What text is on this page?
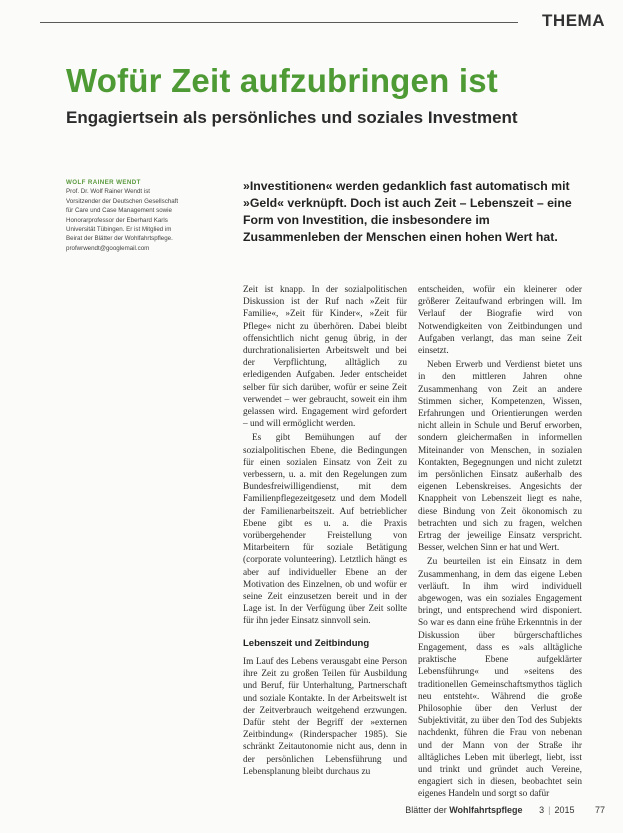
THEMA
Wofür Zeit aufzubringen ist
Engagiertsein als persönliches und soziales Investment
WOLF RAINER WENDT
Prof. Dr. Wolf Rainer Wendt ist Vorsitzender der Deutschen Gesellschaft für Care und Case Management sowie Honorarprofessor der Eberhard Karls Universität Tübingen. Er ist Mitglied im Beirat der Blätter der Wohlfahrtspflege.
profwrwendt@googlemail.com

»Investitionen« werden gedanklich fast automatisch mit »Geld« verknüpft. Doch ist auch Zeit – Lebenszeit – eine Form von Investition, die insbesondere im Zusammenleben der Menschen einen hohen Wert hat.

Zeit ist knapp. In der sozialpolitischen Diskussion ist der Ruf nach »Zeit für Familie«, »Zeit für Kinder«, »Zeit für Pflege« nicht zu überhören. Dabei bleibt offensichtlich nicht genug übrig, in der durchrationalisierten Arbeitswelt und bei der Verpflichtung, alltäglich zu erledigenden Aufgaben. Jeder entscheidet selber für sich darüber, wofür er seine Zeit verwendet – wer gebraucht, soweit ein ihm gelassen wird. Engagement wird gefordert – und will ermöglicht werden.

Es gibt Bemühungen auf der sozialpolitischen Ebene, die Bedingungen für einen sozialen Einsatz von Zeit zu verbessern, u. a. mit den Regelungen zum Bundesfreiwilligendienst, mit dem Familienpflegezeitgesetz und dem Modell der Familienarbeitszeit. Auf betrieblicher Ebene gibt es u. a. die Praxis vorübergehender Freistellung von Mitarbeitern für soziale Betätigung (corporate volunteering). Letztlich hängt es aber auf individueller Ebene an der Motivation des Einzelnen, ob und wofür er seine Zeit einzusetzen bereit und in der Lage ist. In der Verfügung über Zeit sollte für ihn jeder Einsatz sinnvoll sein.

Lebenszeit und Zeitbindung

Im Lauf des Lebens verausgabt eine Person ihre Zeit zu großen Teilen für Ausbildung und Beruf, für Unterhaltung, Partnerschaft und soziale Kontakte. In der Arbeitswelt ist der Zeitverbrauch weitgehend erzwungen. Dafür steht der Begriff der »externen Zeitbindung« (Rinderspacher 1985). Sie schränkt Zeitautonomie nicht aus, denn in der persönlichen Lebensführung und Lebensplanung bleibt durchaus zu

entscheiden, wofür ein kleinerer oder größerer Zeitaufwand erbringen will. Im Verlauf der Biografie wird von Notwendigkeiten von Zeitbindungen und Aufgaben verlangt, das man seine Zeit einsetzt.

Neben Erwerb und Verdienst bietet uns in den mittleren Jahren ohne Zusammenhang von Zeit an andere Stimmen sicher, Kompetenzen, Wissen, Erfahrungen und Orientierungen werden nicht allein in Schule und Beruf erworben, sondern gleichermaßen in informellen Miteinander von Menschen, in sozialen Kontakten, Begegnungen und nicht zuletzt im persönlichen Einsatz außerhalb des eigenen Lebenskreises. Angesichts der Knappheit von Lebenszeit liegt es nahe, diese Bindung von Zeit ökonomisch zu betrachten und sich zu fragen, welchen Ertrag der jeweilige Einsatz verspricht. Besser, welchen Sinn er hat und Wert.

Zu beurteilen ist ein Einsatz in dem Zusammenhang, in dem das eigene Leben verläuft. In ihm wird individuell abgewogen, was ein soziales Engagement bringt, und entsprechend wird disponiert. So war es dann eine frühe Erkenntnis in der Diskussion über bürgerschaftliches Engagement, dass es »als alltägliche praktische Ebene aufgeklärter Lebensführung« und »seitens des traditionellen Gemeinschaftsmythos täglich neu entsteht«. Während die große Philosophie über den Verlust der Subjektivität, zu über den Tod des Subjekts nachdenkt, führen die Frau von nebenan und der Mann von der Straße ihr alltägliches Leben mit überlegt, liebt, isst und trinkt und gründet auch Vereine, engagiert sich in diesen, beobachtet sein eigenes Handeln und sorgt so dafür

Blätter der Wohlfahrtspflege 3 | 2015 77
